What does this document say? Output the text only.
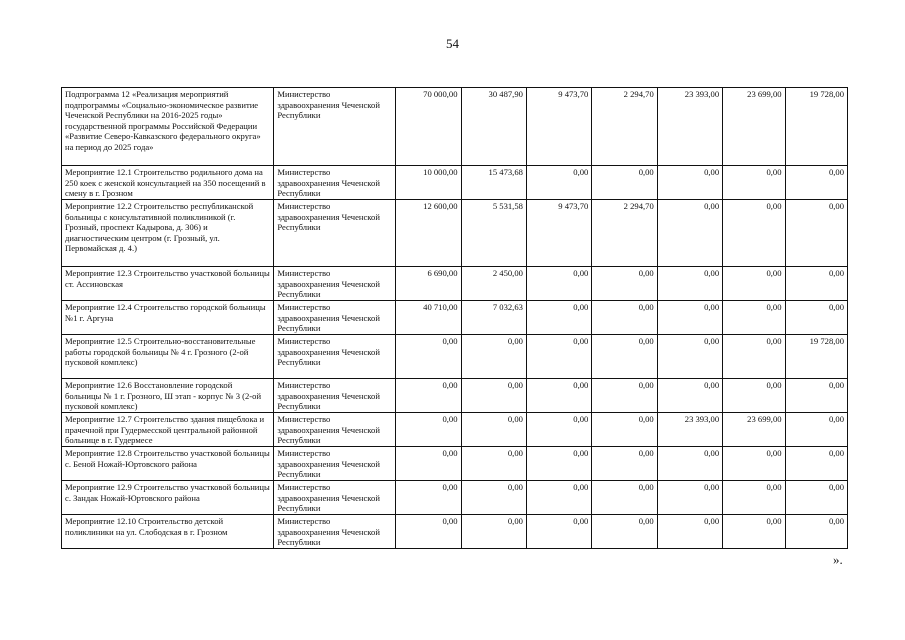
54
Подпрограмма 12 «Реализация мероприятий подпрограммы «Социально-экономическое развитие Чеченской Республики на 2016-2025 годы» государственной программы Российской Федерации «Развитие Северо-Кавказского федерального округа» на период до 2025 года»	Министерство здравоохранения Чеченской Республики	70 000,00	30 487,90	9 473,70	2 294,70	23 393,00	23 699,00	19 728,00
Мероприятие 12.1 Строительство родильного дома на 250 коек с женской консультацией на 350 посещений в смену в г. Грозном	Министерство здравоохранения Чеченской Республики	10 000,00	15 473,68	0,00	0,00	0,00	0,00	0,00
Мероприятие 12.2 Строительство республиканской больницы с консультативной поликлиникой (г. Грозный, проспект Кадырова, д. 306) и диагностическим центром (г. Грозный, ул. Первомайская д. 4.)	Министерство здравоохранения Чеченской Республики	12 600,00	5 531,58	9 473,70	2 294,70	0,00	0,00	0,00
Мероприятие 12.3 Строительство участковой больницы ст. Ассиновская	Министерство здравоохранения Чеченской Республики	6 690,00	2 450,00	0,00	0,00	0,00	0,00	0,00
Мероприятие 12.4 Строительство городской больницы №1 г. Аргуна	Министерство здравоохранения Чеченской Республики	40 710,00	7 032,63	0,00	0,00	0,00	0,00	0,00
Мероприятие 12.5 Строительно-восстановительные работы городской больницы № 4 г. Грозного (2-ой пусковой комплекс)	Министерство здравоохранения Чеченской Республики	0,00	0,00	0,00	0,00	0,00	0,00	19 728,00
Мероприятие 12.6 Восстановление городской больницы № 1 г. Грозного, Ш этап - корпус № 3 (2-ой пусковой комплекс)	Министерство здравоохранения Чеченской Республики	0,00	0,00	0,00	0,00	0,00	0,00	0,00
Мероприятие 12.7 Строительство здания пищеблока и прачечной при Гудермесской центральной районной больнице в г. Гудермесе	Министерство здравоохранения Чеченской Республики	0,00	0,00	0,00	0,00	23 393,00	23 699,00	0,00
Мероприятие 12.8 Строительство участковой больницы с. Беной Ножай-Юртовского района	Министерство здравоохранения Чеченской Республики	0,00	0,00	0,00	0,00	0,00	0,00	0,00
Мероприятие 12.9 Строительство участковой больницы с. Зандак Ножай-Юртовского района	Министерство здравоохранения Чеченской Республики	0,00	0,00	0,00	0,00	0,00	0,00	0,00
Мероприятие 12.10 Строительство детской поликлиники на ул. Слободская в г. Грозном	Министерство здравоохранения Чеченской Республики	0,00	0,00	0,00	0,00	0,00	0,00	0,00
».
